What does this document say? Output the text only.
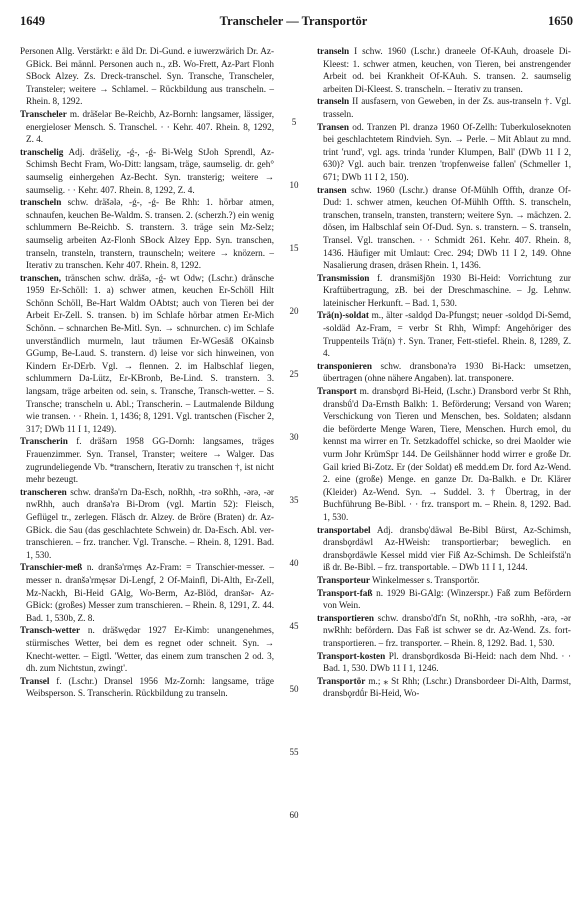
1649	Transcheler — Transportör	1650

Personen Allg. Verstärkt: e äld Dr. Di-Gund. e iuwerzwärich Dr. Az-GBick. Bei männl. Personen auch n., zB. Wo-Frett, Az-Part Flonh SBock Alzey. Zs. Dreck-transchel. Syn. Transche, Transcheler, Transteler; weitere → Schlamel. – Rückbildung aus transcheln. – Rhein. 8, 1292.

Transcheler m. dräšelǝr Be-Reichb, Az-Bornh: langsamer, lässiger, energieloser Mensch. S. Transchel. · · Kehr. 407. Rhein. 8, 1292, Z. 4.

transchelig Adj. dräšeliχ, -ǵ-, -ǵ- Bi-Welg StJoh Sprendl, Az-Schimsh Becht Fram, Wo-Ditt: langsam, träge, saumselig. dr. geh° saumselig einhergehen Az-Becht. Syn. transterig; weitere → saumselig. · · Kehr. 407. Rhein. 8, 1292, Z. 4.

transcheln schw. dräšǝlǝ, -ǵ-, -ǵ- Be Rhh: 1. hörbar atmen, schnaufen, keuchen Be-Waldm. S. transen. 2. (scherzh.?) ein wenig schlummern Be-Reichb. S. transtern. 3. träge sein Mz-Selz; saumselig arbeiten Az-Flonh SBock Alzey Epp. Syn. transchen, transeln, transteln, transtern, traunscheln; weitere → knözern. – Iterativ zu transchen. Kehr 407. Rhein. 8, 1292.

transchen, tränschen schw. dräšǝ, -ǵ- wt Odw; (Lschr.) dränsche 1959 Er-Schöll: 1. a) schwer atmen, keuchen Er-Schöll Hilt Schönn Schöll, Be-Hart Waldm OAbtst; auch von Tieren bei der Arbeit Er-Zell. S. transen. b) im Schlafe hörbar atmen Er-Mich Schönn. – schnarchen Be-Mitl. Syn. → schnurchen. c) im Schlafe unverständlich murmeln, laut träumen Er-WGesäß OKainsb GGump, Be-Laud. S. transtern. d) leise vor sich hinweinen, von Kindern Er-DErb. Vgl. → flennen. 2. im Halbschlaf liegen, schlummern Da-Lütz, Er-KBronb, Be-Lind. S. transtern. 3. langsam, träge arbeiten od. sein, s. Transche, Transch-wetter. – S. Transche; transcheln u. Abl.; Transcherin. – Lautmalende Bildung wie transen. · · Rhein. 1, 1436; 8, 1291. Vgl. trantschen (Fischer 2, 317; DWb 11 I 1, 1249).

Transcherin f. dräšǝrn 1958 GG-Dornh: langsames, träges Frauenzimmer. Syn. Transel, Transter; weitere → Walger. Das zugrundeliegende Vb. *transchern, Iterativ zu transchen †, ist nicht mehr bezeugt.

transcheren schw. dranšǝ'rn Da-Esch, noRhh, -trǝ soRhh, -ǝrǝ, -ǝr nwRhh, auch dranšǝ'rǝ Bi-Drom (vgl. Martin 52): Fleisch, Geflügel tr., zerlegen. Fläsch dr. Alzey. de Bröre (Braten) dr. Az-GBick. die Sau (das geschlachtete Schwein) dr. Da-Esch. Abl. ver-transchieren. – frz. trancher. Vgl. Transche. – Rhein. 8, 1291. Bad. 1, 530.

Transchier-meß n. dranšǝ'rmęs Az-Fram: = Transchier-messer. –messer n. dranšǝ'rmęsǝr Di-Lengf, 2 Of-Mainfl, Di-Alth, Er-Zell, Mz-Nackh, Bi-Heid GAlg, Wo-Berm, Az-Blöd, dranšǝr- Az-GBick: (großes) Messer zum transchieren. – Rhein. 8, 1291, Z. 44. Bad. 1, 530b, Z. 8.

Transch-wetter n. dräšwędǝr 1927 Er-Kimb: unangenehmes, stürmisches Wetter, bei dem es regnet oder schneit. Syn. → Knecht-wetter. – Eigtl. 'Wetter, das einem zum transchen 2 od. 3, dh. zum Nichtstun, zwingt'.

Transel f. (Lschr.) Dransel 1956 Mz-Zornh: langsame, träge Weibsperson. S. Transcherin. Rückbildung zu transeln.

5
10
15
20
25
30
35
40
45
50
55
60

transeln I schw. 1960 (Lschr.) draneele Of-KAuh, droasele Di-Kleest: 1. schwer atmen, keuchen, von Tieren, bei anstrengender Arbeit od. bei Krankheit Of-KAuh. S. transen. 2. saumselig arbeiten Di-Kleest. S. transcheln. – Iterativ zu transen.

transeln II ausfasern, von Geweben, in der Zs. aus-transeln †. Vgl. trasseln.

Transen od. Tranzen Pl. dranzǝ 1960 Of-Zellh: Tuberkuloseknoten bei geschlachtetem Rindvieh. Syn. → Perle. – Mit Ablaut zu mnd. trint 'rund', vgl. ags. trinda 'runder Klumpen, Ball' (DWb 11 I 2, 630)? Vgl. auch bair. trenzen 'tropfenweise fallen' (Schmeller 1, 671; DWb 11 I 2, 150).

transen schw. 1960 (Lschr.) dranse Of-Mühlh Offth, dranze Of-Dud: 1. schwer atmen, keuchen Of-Mühlh Offth. S. transcheln, transchen, transeln, transten, transtern; weitere Syn. → mächzen. 2. dösen, im Halbschlaf sein Of-Dud. Syn. s. transtern. – S. transeln, Transel. Vgl. transchen. · · Schmidt 261. Kehr. 407. Rhein. 8, 1436. Häufiger mit Umlaut: Crec. 294; DWb 11 I 2, 149. Ohne Nasalierung drasen, dräsen Rhein. 1, 1436.

Transmission f. dransmišjōn 1930 Bi-Heid: Vorrichtung zur Kraftübertragung, zB. bei der Dreschmaschine. – Jg. Lehnw. lateinischer Herkunft. – Bad. 1, 530.

Trä(n)-soldat m., älter -saldǫd Da-Pfungst; neuer -soldǫd Di-Semd, -soldäd Az-Fram, = verbr St Rhh, Wimpf: Angehöriger des Truppenteils Trä(n) †. Syn. Traner, Fett-stiefel. Rhein. 8, 1289, Z. 4.

transponieren schw. dransbonǝ'rǝ 1930 Bi-Hack: umsetzen, übertragen (ohne nähere Angaben). lat. transponere.

Transport m. dransbǫrd Bi-Heid, (Lschr.) Dransbord verbr St Rhh, dransbǘ'd Da-Ernsth Balkh: 1. Beförderung; Versand von Waren; Verschickung von Tieren und Menschen, bes. Soldaten; alsdann die beförderte Menge Waren, Tiere, Menschen. Hurch emol, du kennst ma wirrer en Tr. Setzkadoffel schicke, so drei Maolder wie vurm Johr KrümSpr 144. De Geilshänner hodd wirrer e große Dr. Gail kried Bi-Zotz. Er (der Soldat) eß medd.em Dr. ford Az-Wend. 2. eine (große) Menge. en ganze Dr. Da-Balkh. e Dr. Klärer (Kleider) Az-Wend. Syn. → Suddel. 3. † Übertrag, in der Buchführung Be-Bibl. · · frz. transport m. – Rhein. 8, 1292. Bad. 1, 530.

transportabel Adj. dransbǫ'däwǝl Be-Bibl Bürst, Az-Schimsh, dransbǫrdäwl Az-HWeish: transportierbar; beweglich. en dransbǫrdäwle Kessel midd vier Fiß Az-Schimsh. De Schleifstä'n iß dr. Be-Bibl. – frz. transportable. – DWb 11 I 1, 1244.

Transporteur Winkelmesser s. Transportör.

Transport-faß n. 1929 Bi-GAlg: (Winzerspr.) Faß zum Befördern von Wein.

transportieren schw. dransbo'dī'n St, noRhh, -trǝ soRhh, -ǝrǝ, -ǝr nwRhh: befördern. Das Faß ist schwer se dr. Az-Wend. Zs. fort-transportieren. – frz. transporter. – Rhein. 8, 1292. Bad. 1, 530.

Transport-kosten Pl. dransbǫrdkosdǝ Bi-Heid: nach dem Nhd. · · Bad. 1, 530. DWb 11 I 1, 1246.

Transportör m.; ⁎ St Rhh; (Lschr.) Dransbordeer Di-Alth, Darmst, dransbǫrdǘr Bi-Heid, Wo-
